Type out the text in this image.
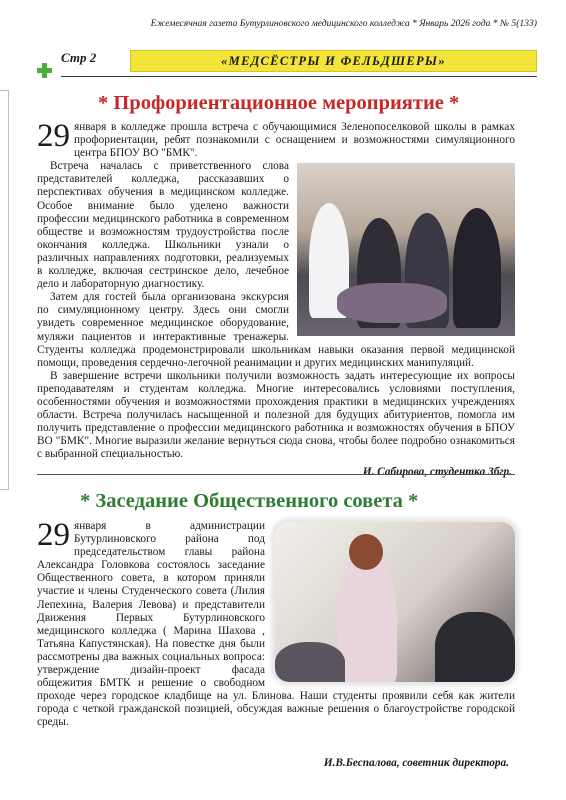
Ежемесячная газета Бутурлиновского медицинского колледжа * Январь 2026 года * № 5(133)
Стр 2	«МЕДСЁСТРЫ И ФЕЛЬДШЕРЫ»
* Профориентационное мероприятие *

29 января в колледже прошла встреча с обучающимися Зеленопоселковой школы в рамках профориентации, ребят познакомили с оснащением и возможностями симуляционного центра БПОУ ВО "БМК".

Встреча началась с приветственного слова представителей колледжа, рассказавших о перспективах обучения в медицинском колледже. Особое внимание было уделено важности профессии медицинского работника в современном обществе и возможностям трудоустройства после окончания колледжа. Школьники узнали о различных направлениях подготовки, реализуемых в колледже, включая сестринское дело, лечебное дело и лабораторную диагностику.

Затем для гостей была организована экскурсия по симуляционному центру. Здесь они смогли увидеть современное медицинское оборудование, муляжи пациентов и интерактивные тренажеры. Студенты колледжа продемонстрировали школьникам навыки оказания первой медицинской помощи, проведения сердечно-легочной реанимации и других медицинских манипуляций.

В завершение встречи школьники получили возможность задать интересующие их вопросы преподавателям и студентам колледжа. Многие интересовались условиями поступления, особенностями обучения и возможностями прохождения практики в медицинских учреждениях области. Встреча получилась насыщенной и полезной для будущих абитуриентов, помогла им получить представление о профессии медицинского работника и возможностях обучения в БПОУ ВО "БМК". Многие выразили желание вернуться сюда снова, чтобы более подробно ознакомиться с выбранной специальностью.

И. Сабирова, студентка 3бгр.
* Заседание Общественного совета *

29 января в администрации Бутурлиновского района под председательством главы района Александра Головкова состоялось заседание Общественного совета, в котором приняли участие и члены Студенческого совета (Лилия Лепехина, Валерия Левова) и представители Движения Первых Бутурлиновского медицинского колледжа ( Марина Шахова , Татьяна Капустянская). На повестке дня были рассмотрены два важных социальных вопроса: утверждение дизайн-проект фасада общежития БМТК и решение о свободном проходе через городское кладбище на ул. Блинова. Наши студенты проявили себя как жители города с четкой гражданской позицией, обсуждая важные решения о благоустройстве городской среды.

И.В.Беспалова, советник директора.
